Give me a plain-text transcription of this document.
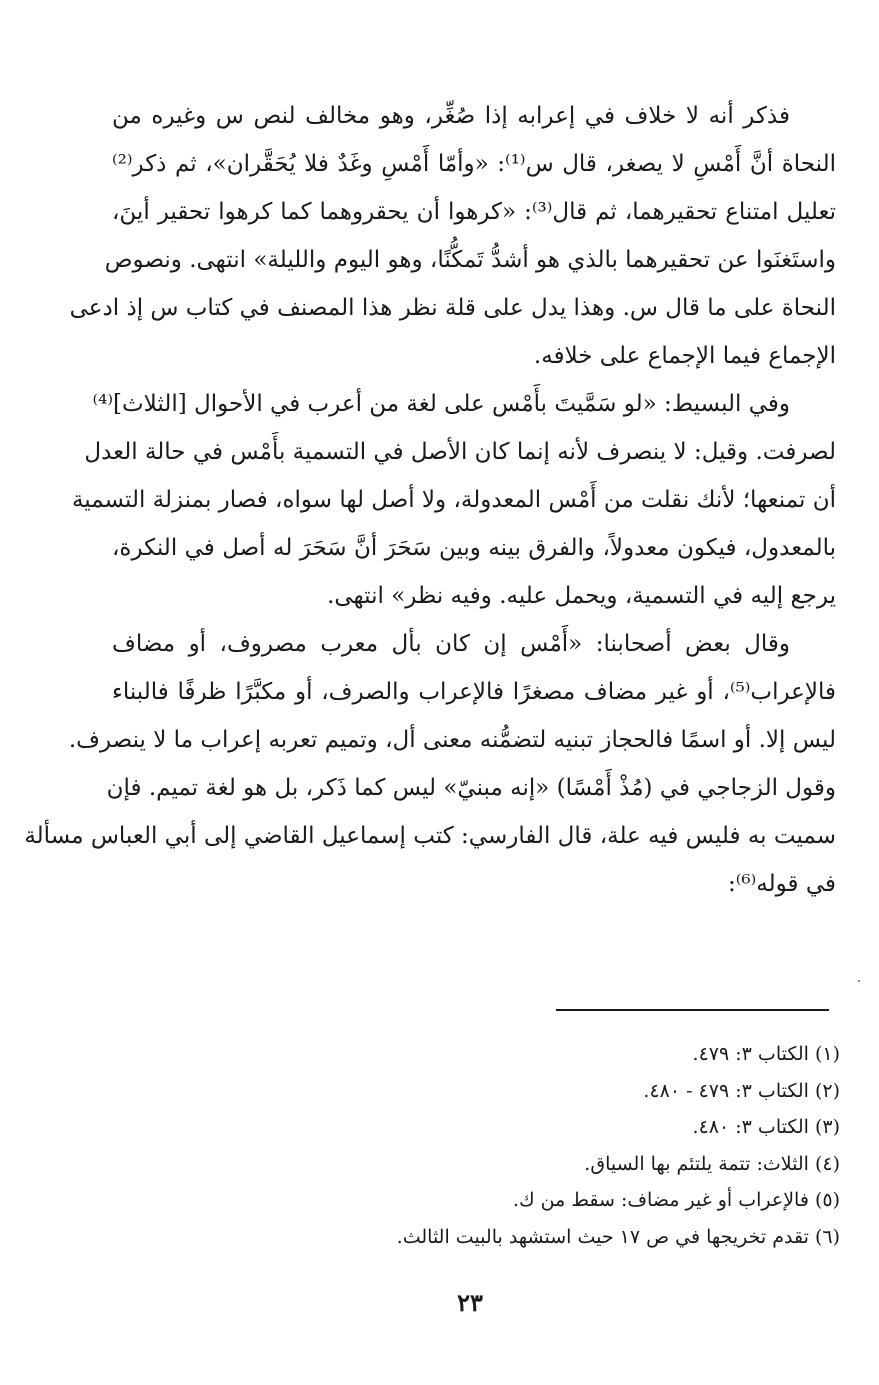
فذكر أنه لا خلاف في إعرابه إذا صُغِّر، وهو مخالف لنص س وغيره من
النحاة أنَّ أَمْسِ لا يصغر، قال س⁽¹⁾: «وأمّا أَمْسِ وغَدٌ فلا يُحَقَّران»، ثم ذكر⁽²⁾
تعليل امتناع تحقيرهما، ثم قال⁽³⁾: «كرهوا أن يحقروهما كما كرهوا تحقير أينَ،
واستَغنَوا عن تحقيرهما بالذي هو أشدُّ تَمكُّنًا، وهو اليوم والليلة» انتهى. ونصوص
النحاة على ما قال س. وهذا يدل على قلة نظر هذا المصنف في كتاب س إذ ادعى
الإجماع فيما الإجماع على خلافه.
وفي البسيط: «لو سَمَّيتَ بأَمْس على لغة من أعرب في الأحوال [الثلاث]⁽⁴⁾
لصرفت. وقيل: لا ينصرف لأنه إنما كان الأصل في التسمية بأَمْس في حالة العدل
أن تمنعها؛ لأنك نقلت من أَمْس المعدولة، ولا أصل لها سواه، فصار بمنزلة التسمية
بالمعدول، فيكون معدولاً، والفرق بينه وبين سَحَرَ أنَّ سَحَرَ له أصل في النكرة،
يرجع إليه في التسمية، ويحمل عليه. وفيه نظر» انتهى.
وقال بعض أصحابنا: «أَمْس إن كان بأل معرب مصروف، أو مضاف
فالإعراب⁽⁵⁾، أو غير مضاف مصغرًا فالإعراب والصرف، أو مكبَّرًا ظرفًا فالبناء
ليس إلا. أو اسمًا فالحجاز تبنيه لتضمُّنه معنى أل، وتميم تعربه إعراب ما لا ينصرف.
وقول الزجاجي في (مُذْ أَمْسًا) «إنه مبنيّ» ليس كما ذَكر، بل هو لغة تميم. فإن
سميت به فليس فيه علة، قال الفارسي: كتب إسماعيل القاضي إلى أبي العباس مسألة
في قوله⁽⁶⁾:
(١) الكتاب ٣: ٤٧٩.
(٢) الكتاب ٣: ٤٧٩ - ٤٨٠.
(٣) الكتاب ٣: ٤٨٠.
(٤) الثلاث: تتمة يلتئم بها السياق.
(٥) فالإعراب أو غير مضاف: سقط من ك.
(٦) تقدم تخريجها في ص ١٧ حيث استشهد بالبيت الثالث.
٢٣
